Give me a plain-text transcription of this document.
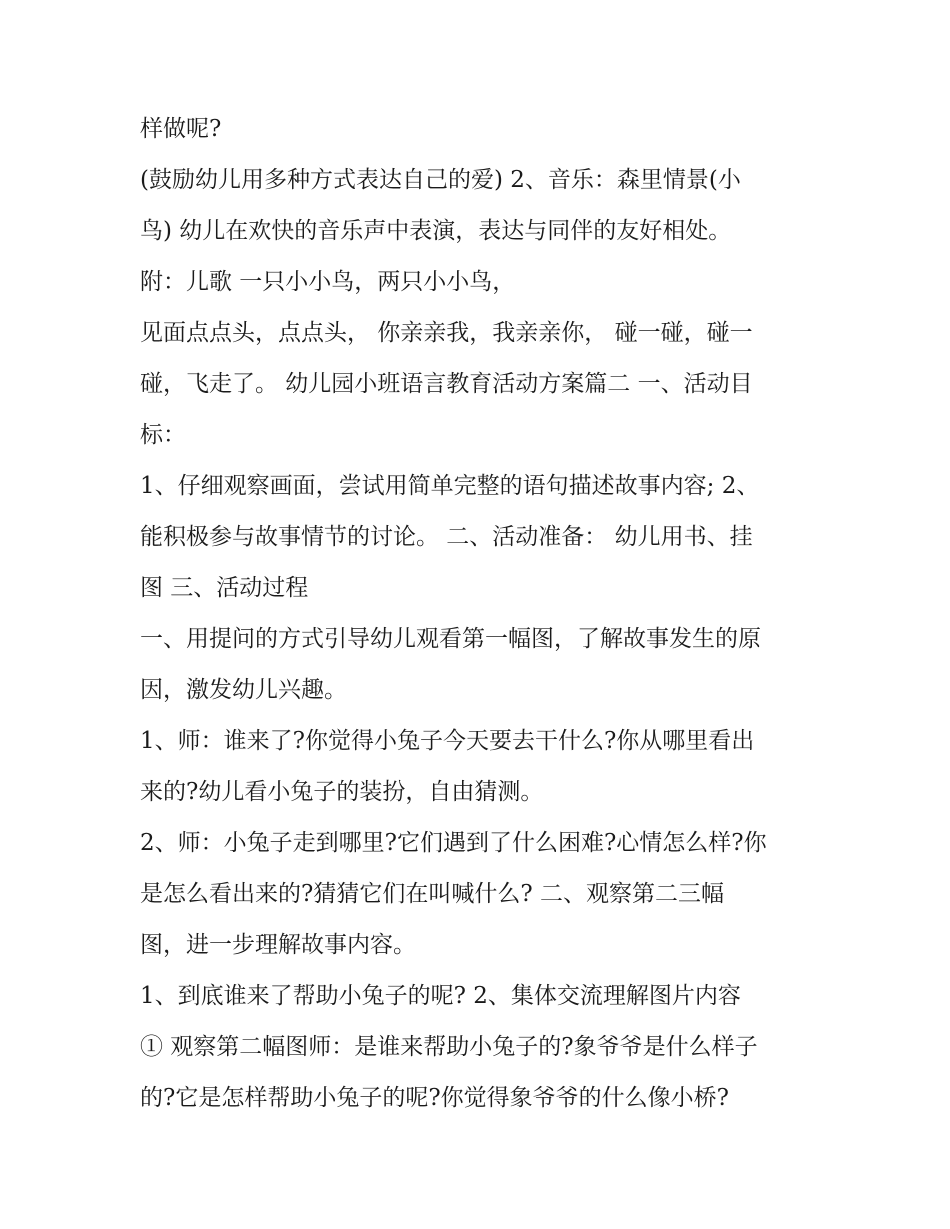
样做呢?
(鼓励幼儿用多种方式表达自己的爱) 2、音乐：森里情景(小
鸟) 幼儿在欢快的音乐声中表演，表达与同伴的友好相处。
附：儿歌 一只小小鸟，两只小小鸟，
见面点点头，点点头， 你亲亲我，我亲亲你， 碰一碰，碰一
碰，飞走了。 幼儿园小班语言教育活动方案篇二 一、活动目
标：
1、仔细观察画面，尝试用简单完整的语句描述故事内容; 2、
能积极参与故事情节的讨论。 二、活动准备： 幼儿用书、挂
图 三、活动过程
一、用提问的方式引导幼儿观看第一幅图，了解故事发生的原
因，激发幼儿兴趣。
1、师：谁来了?你觉得小兔子今天要去干什么?你从哪里看出
来的?幼儿看小兔子的装扮，自由猜测。
2、师：小兔子走到哪里?它们遇到了什么困难?心情怎么样?你
是怎么看出来的?猜猜它们在叫喊什么? 二、观察第二三幅
图，进一步理解故事内容。
1、到底谁来了帮助小兔子的呢? 2、集体交流理解图片内容
① 观察第二幅图师：是谁来帮助小兔子的?象爷爷是什么样子
的?它是怎样帮助小兔子的呢?你觉得象爷爷的什么像小桥?
